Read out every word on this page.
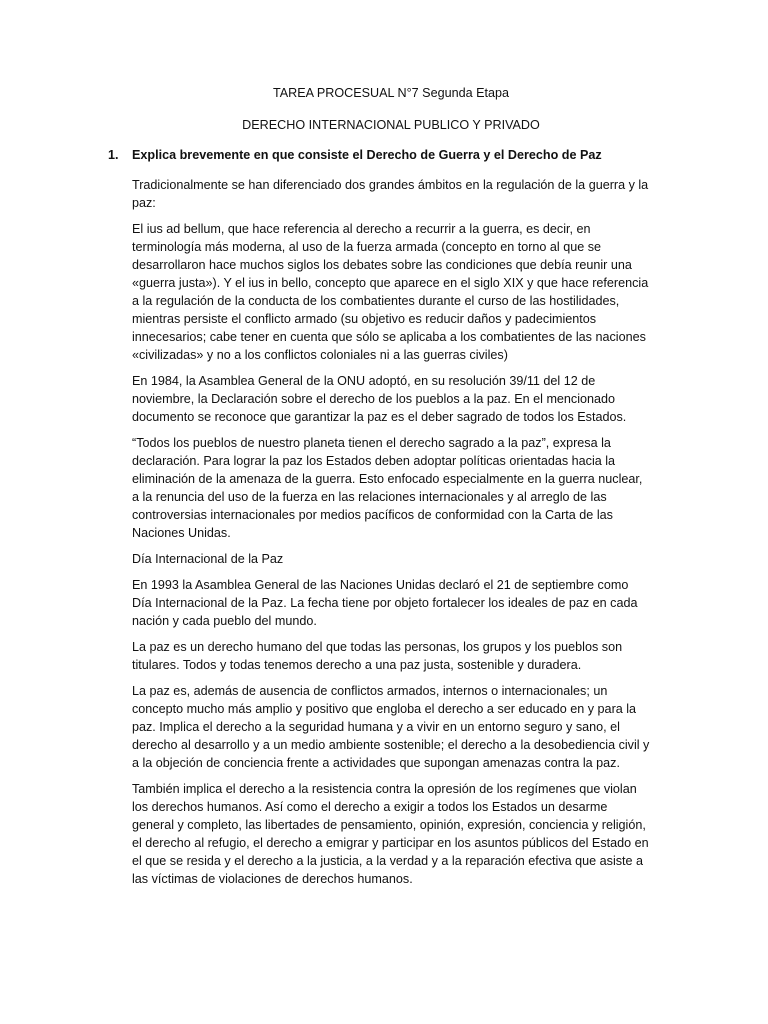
TAREA PROCESUAL N°7 Segunda Etapa
DERECHO INTERNACIONAL PUBLICO Y PRIVADO
1. Explica brevemente en que consiste el Derecho de Guerra y el Derecho de Paz

Tradicionalmente se han diferenciado dos grandes ámbitos en la regulación de la guerra y la paz:

El ius ad bellum, que hace referencia al derecho a recurrir a la guerra, es decir, en terminología más moderna, al uso de la fuerza armada (concepto en torno al que se desarrollaron hace muchos siglos los debates sobre las condiciones que debía reunir una «guerra justa»). Y el ius in bello, concepto que aparece en el siglo XIX y que hace referencia a la regulación de la conducta de los combatientes durante el curso de las hostilidades, mientras persiste el conflicto armado (su objetivo es reducir daños y padecimientos innecesarios; cabe tener en cuenta que sólo se aplicaba a los combatientes de las naciones «civilizadas» y no a los conflictos coloniales ni a las guerras civiles)

En 1984, la Asamblea General de la ONU adoptó, en su resolución 39/11 del 12 de noviembre, la Declaración sobre el derecho de los pueblos a la paz. En el mencionado documento se reconoce que garantizar la paz es el deber sagrado de todos los Estados.

“Todos los pueblos de nuestro planeta tienen el derecho sagrado a la paz”, expresa la declaración. Para lograr la paz los Estados deben adoptar políticas orientadas hacia la eliminación de la amenaza de la guerra. Esto enfocado especialmente en la guerra nuclear, a la renuncia del uso de la fuerza en las relaciones internacionales y al arreglo de las controversias internacionales por medios pacíficos de conformidad con la Carta de las Naciones Unidas.

Día Internacional de la Paz

En 1993 la Asamblea General de las Naciones Unidas declaró el 21 de septiembre como Día Internacional de la Paz. La fecha tiene por objeto fortalecer los ideales de paz en cada nación y cada pueblo del mundo.

La paz es un derecho humano del que todas las personas, los grupos y los pueblos son titulares. Todos y todas tenemos derecho a una paz justa, sostenible y duradera.

La paz es, además de ausencia de conflictos armados, internos o internacionales; un concepto mucho más amplio y positivo que engloba el derecho a ser educado en y para la paz. Implica el derecho a la seguridad humana y a vivir en un entorno seguro y sano, el derecho al desarrollo y a un medio ambiente sostenible; el derecho a la desobediencia civil y a la objeción de conciencia frente a actividades que supongan amenazas contra la paz.

También implica el derecho a la resistencia contra la opresión de los regímenes que violan los derechos humanos. Así como el derecho a exigir a todos los Estados un desarme general y completo, las libertades de pensamiento, opinión, expresión, conciencia y religión, el derecho al refugio, el derecho a emigrar y participar en los asuntos públicos del Estado en el que se resida y el derecho a la justicia, a la verdad y a la reparación efectiva que asiste a las víctimas de violaciones de derechos humanos.
